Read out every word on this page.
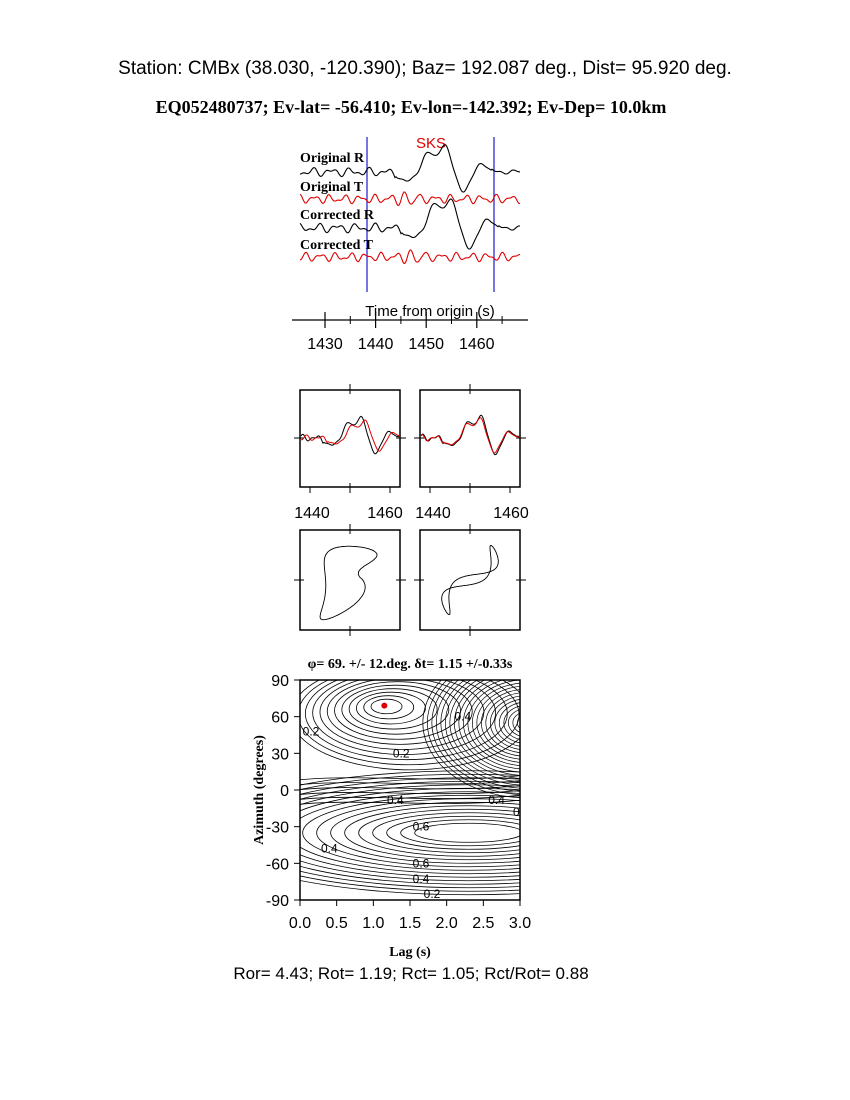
Station: CMBx (38.030, -120.390); Baz= 192.087 deg., Dist= 95.920 deg.
EQ052480737; Ev-lat= -56.410; Ev-lon=-142.392; Ev-Dep= 10.0km
SKS
Original R
Original T
Corrected R
Corrected T
Time from origin (s)
1430 1440 1450 1460
1440 1460 1440	1460
φ= 69. +/- 12.deg. δt= 1.15 +/-0.33s
0.2
0.2
0.4
0.4	0.4
0.4
0.6
0.6
0.4
0.2
0
0.0 0.5 1.0 1.5 2.0 2.5 3.0
90
60
30
0
-30
-60
-90
Lag (s)
Azimuth (degrees)
Ror= 4.43; Rot= 1.19; Rct= 1.05; Rct/Rot= 0.88
